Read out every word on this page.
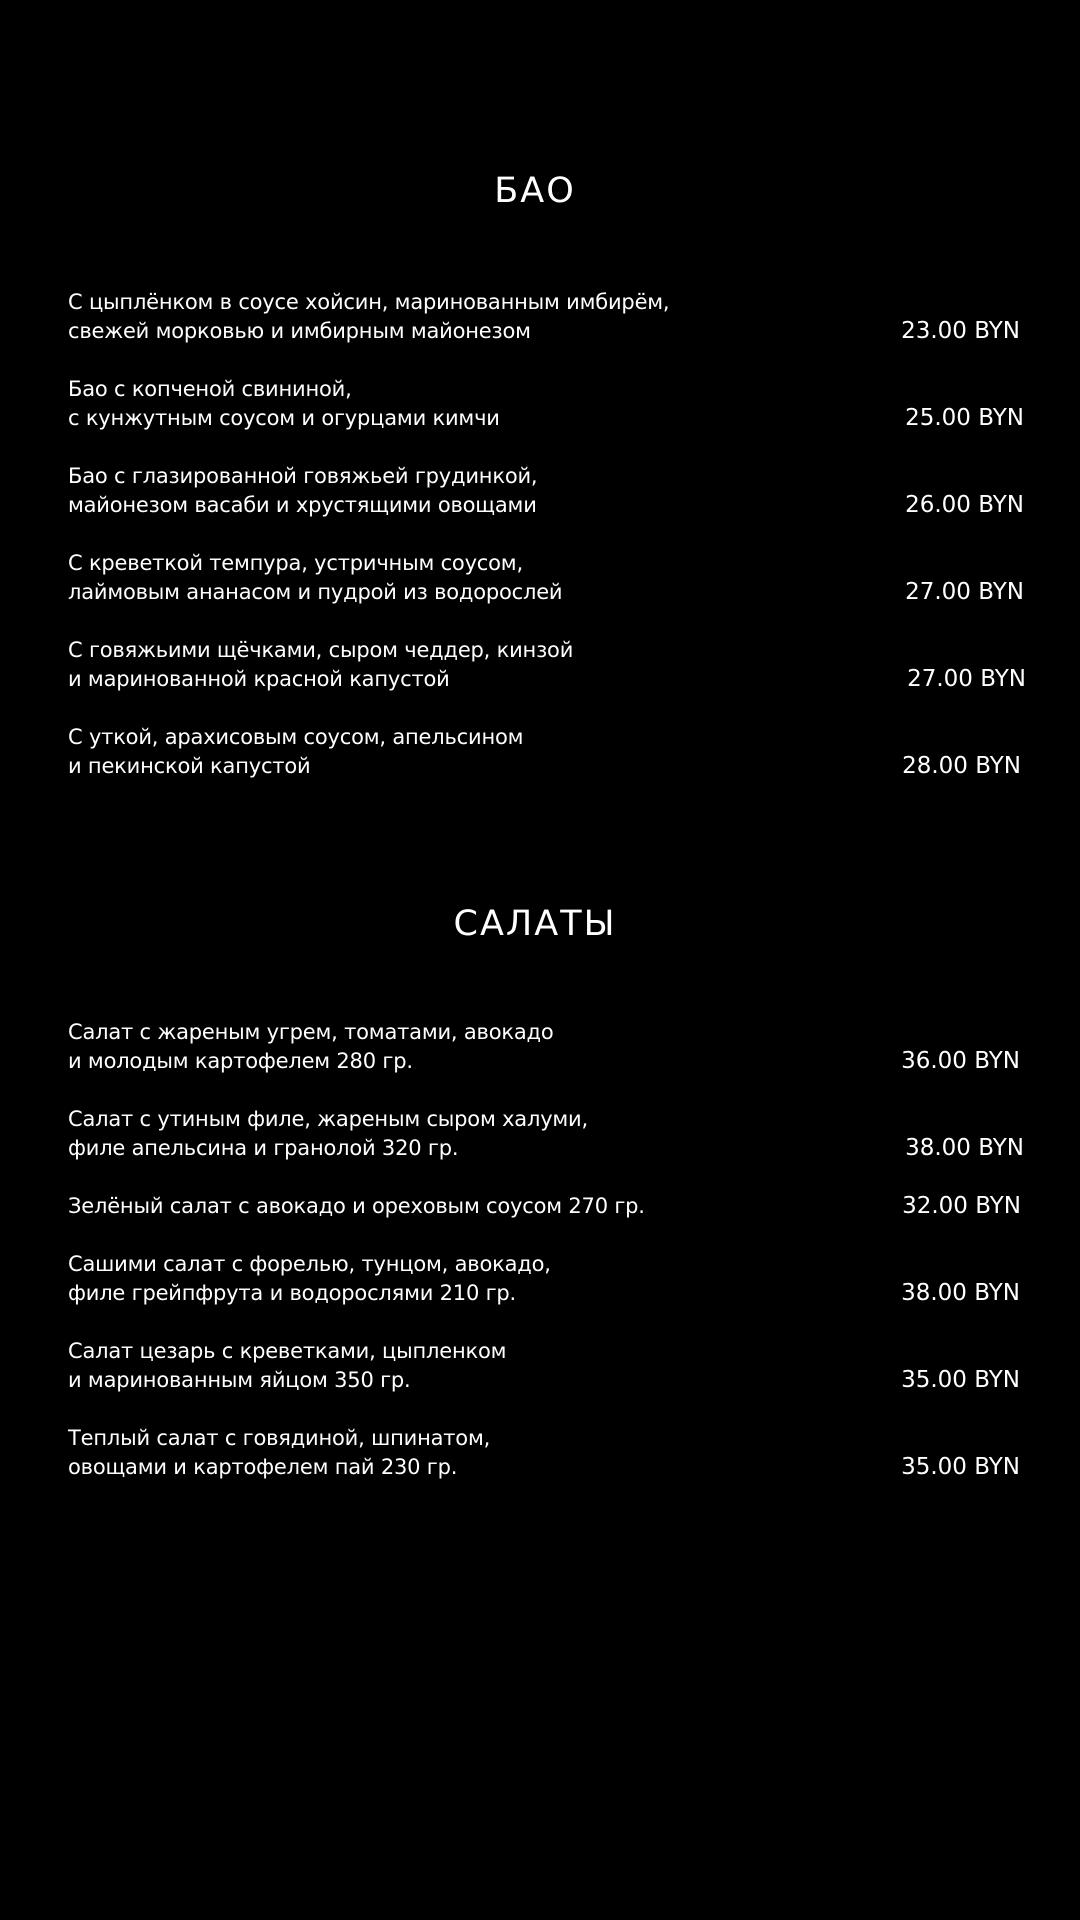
БАО
С цыплёнком в соусе хойсин, маринованным имбирём,
свежей морковью и имбирным майонезом	23.00 BYN
Бао с копченой свининой,
с кунжутным соусом и огурцами кимчи	25.00 BYN
Бао с глазированной говяжьей грудинкой,
майонезом васаби и хрустящими овощами	26.00 BYN
С креветкой темпура, устричным соусом,
лаймовым ананасом и пудрой из водорослей	27.00 BYN
С говяжьими щёчками, сыром чеддер, кинзой
и маринованной красной капустой	27.00 BYN
С уткой, арахисовым соусом, апельсином
и пекинской капустой	28.00 BYN
САЛАТЫ
Салат с жареным угрем, томатами, авокадо
и молодым картофелем 280 гр.	36.00 BYN
Салат с утиным филе, жареным сыром халуми,
филе апельсина и гранолой 320 гр.	38.00 BYN
Зелёный салат с авокадо и ореховым соусом 270 гр.	32.00 BYN
Сашими салат с форелью, тунцом, авокадо,
филе грейпфрута и водорослями 210 гр.	38.00 BYN
Салат цезарь с креветками, цыпленком
и маринованным яйцом 350 гр.	35.00 BYN
Теплый салат с говядиной, шпинатом,
овощами и картофелем пай 230 гр.	35.00 BYN
